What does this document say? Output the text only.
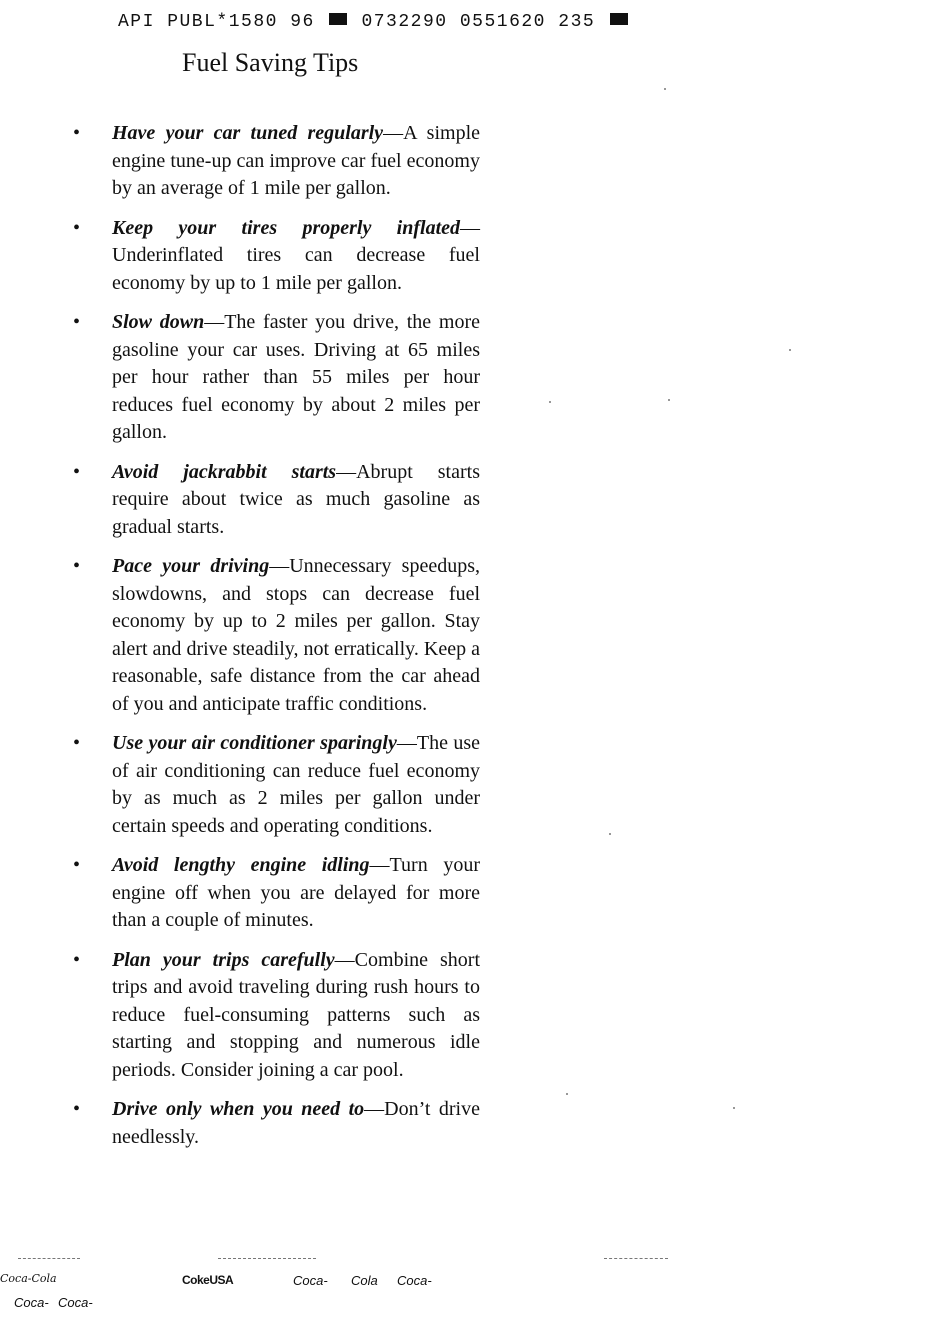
API PUBL*1580 96	0732290 0551620 235
Fuel Saving Tips
• Have your car tuned regularly—A simple engine tune-up can improve car fuel economy by an average of 1 mile per gallon.
• Keep your tires properly inflated— Underinflated tires can decrease fuel economy by up to 1 mile per gallon.
• Slow down—The faster you drive, the more gasoline your car uses. Driving at 65 miles per hour rather than 55 miles per hour reduces fuel economy by about 2 miles per gallon.
• Avoid jackrabbit starts—Abrupt starts require about twice as much gasoline as gradual starts.
• Pace your driving—Unnecessary speedups, slowdowns, and stops can decrease fuel economy by up to 2 miles per gallon. Stay alert and drive steadily, not erratically. Keep a reasonable, safe distance from the car ahead of you and anticipate traffic conditions.
• Use your air conditioner sparingly—The use of air conditioning can reduce fuel economy by as much as 2 miles per gallon under certain speeds and operating conditions.
• Avoid lengthy engine idling—Turn your engine off when you are delayed for more than a couple of minutes.
• Plan your trips carefully—Combine short trips and avoid traveling during rush hours to reduce fuel-consuming patterns such as starting and stopping and numerous idle periods. Consider joining a car pool.
• Drive only when you need to—Don’t drive needlessly.
Coca-Cola
Coca- Coca-
CokeUSA	Coca- Cola Coca-
